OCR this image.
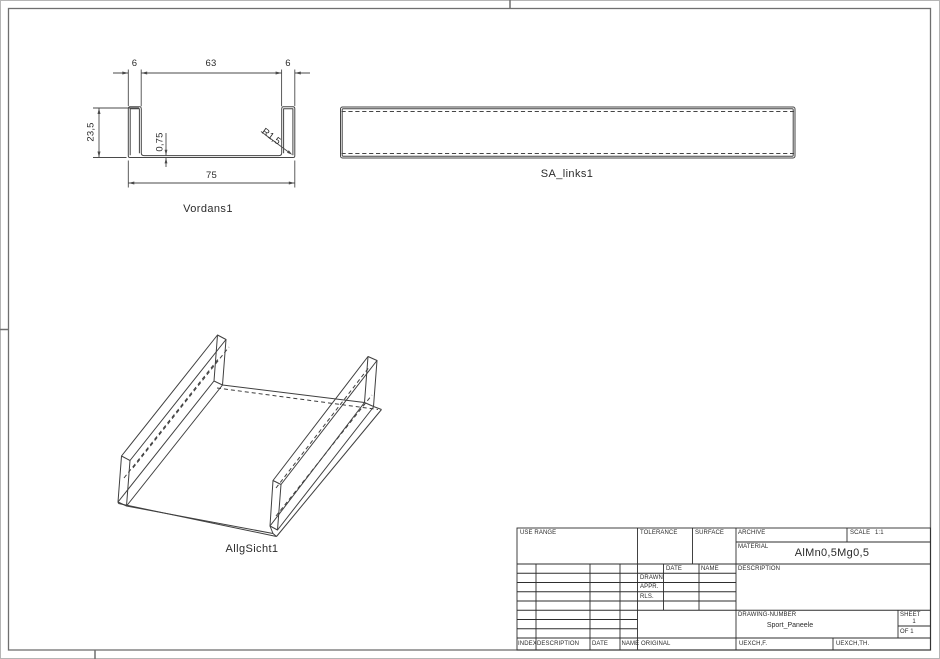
6	63	6
75
23,5
0,75	R1,5
Vordans1
SA_links1
AllgSicht1
USE RANGE	TOLERANCE	SURFACE ARCHIVE	SCALE 1:1
MATERIAL AlMn0,5Mg0,5
DATE	NAME
DRAWN
APPR.
RLS.
DESCRIPTION
DRAWING-NUMBER
Sport_Paneele
SHEET
1
OF 1
INDEX DESCRIPTION DATE NAME ORIGINAL	UEXCH,F.	UEXCH,TH.
